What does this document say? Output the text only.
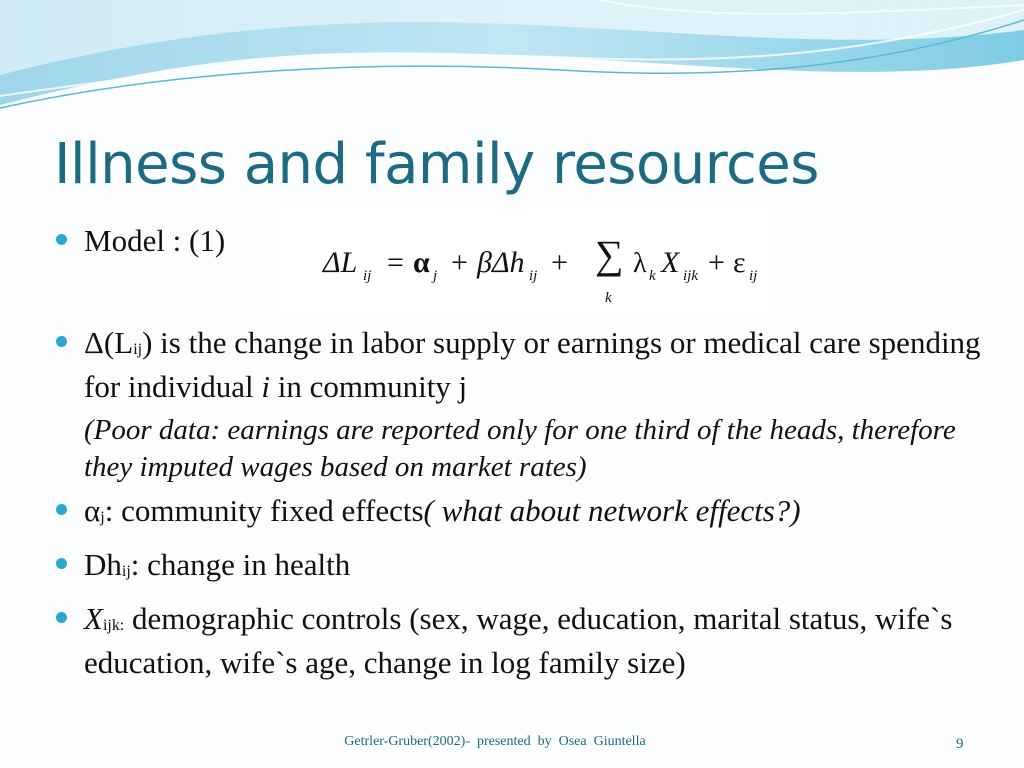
Illness and family resources
ΔL ij = α j + βΔh ij + ∑
k
λ k X ijk + ε ij
Model : (1)
Δ(Lij) is the change in labor supply or earnings or medical care spending for individual i in community j
(Poor data: earnings are reported only for one third of the heads, therefore they imputed wages based on market rates)
αj: community fixed effects( what about network effects?)
Dhij: change in health
Xijk: demographic controls (sex, wage, education, marital status, wife`s education, wife`s age, change in log family size)
Getrler-Gruber(2002)-  presented  by  Osea  Giuntella	9
